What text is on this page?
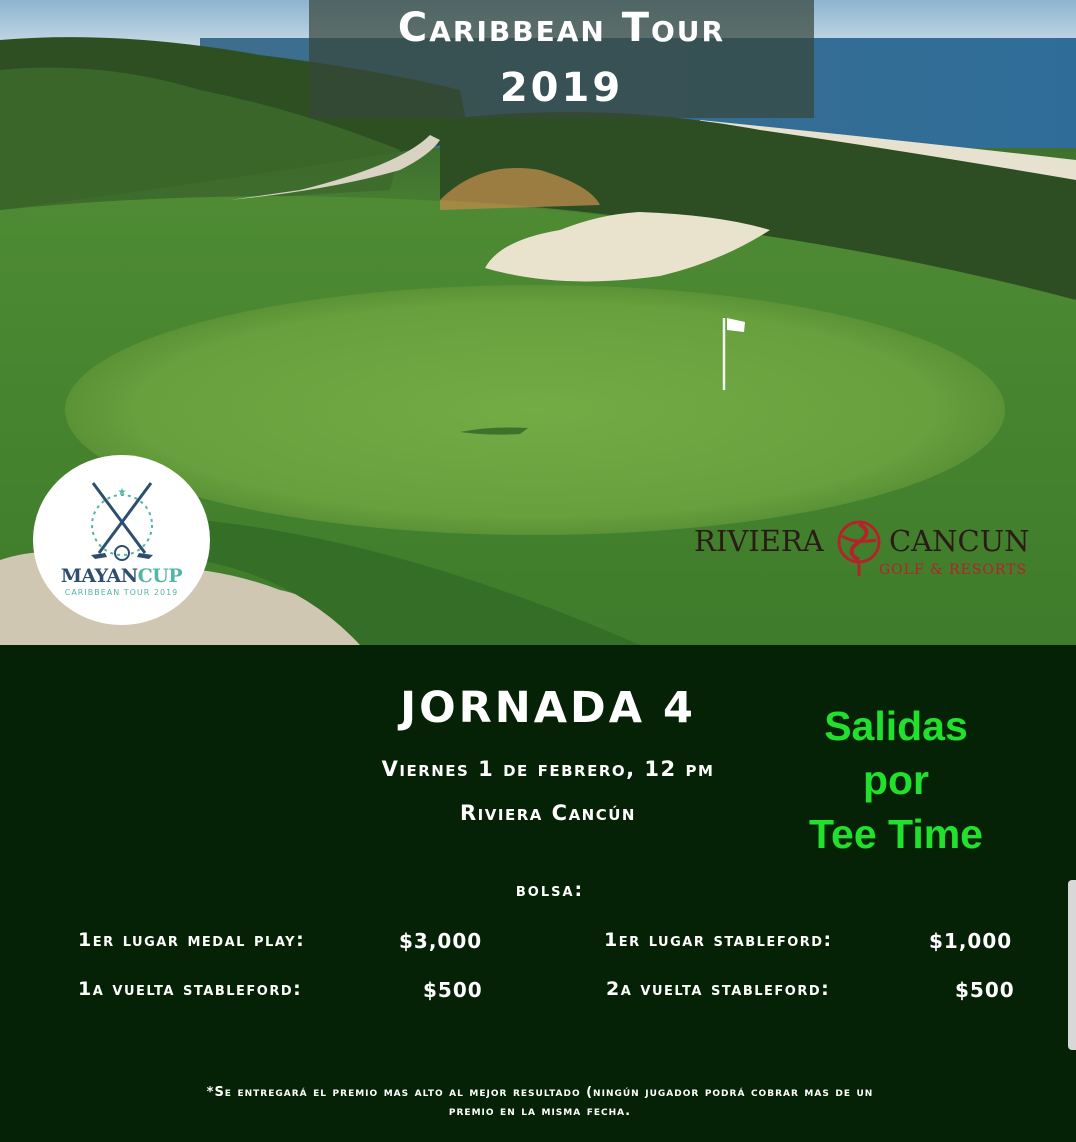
Caribbean Tour
2019
★
MAYANCUP
CARIBBEAN TOUR 2019
RIVIERA CANCUN
GOLF & RESORTS
JORNADA 4
Viernes 1 de febrero, 12 pm
Riviera Cancún
Salidas
por
Tee Time
bolsa:
1er lugar medal play:	$3,000	1er lugar stableford:	$1,000
1a vuelta stableford:	$500	2a vuelta stableford:	$500
*Se entregará el premio mas alto al mejor resultado (ningún jugador podrá cobrar mas de un
premio en la misma fecha.
